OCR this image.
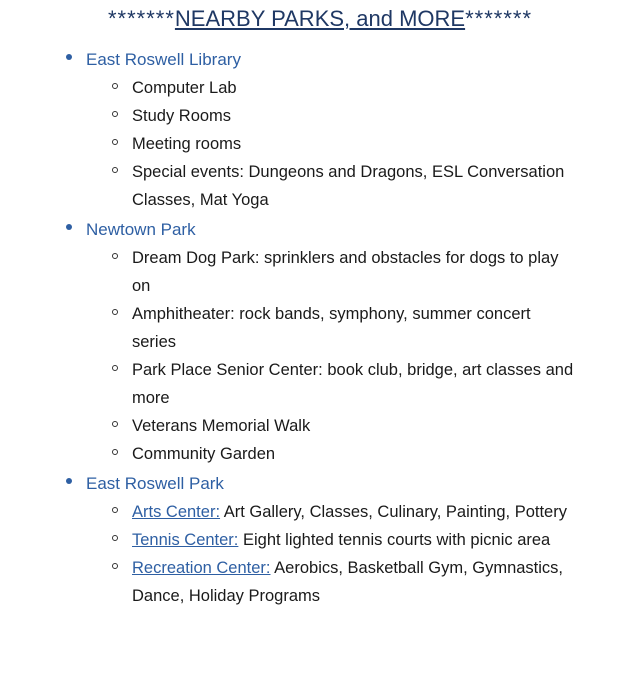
*******NEARBY PARKS, and MORE*******
East Roswell Library
Computer Lab
Study Rooms
Meeting rooms
Special events: Dungeons and Dragons, ESL Conversation Classes, Mat Yoga
Newtown Park
Dream Dog Park: sprinklers and obstacles for dogs to play on
Amphitheater: rock bands, symphony, summer concert series
Park Place Senior Center: book club, bridge, art classes and more
Veterans Memorial Walk
Community Garden
East Roswell Park
Arts Center: Art Gallery, Classes, Culinary, Painting, Pottery
Tennis Center: Eight lighted tennis courts with picnic area
Recreation Center: Aerobics, Basketball Gym, Gymnastics, Dance, Holiday Programs
